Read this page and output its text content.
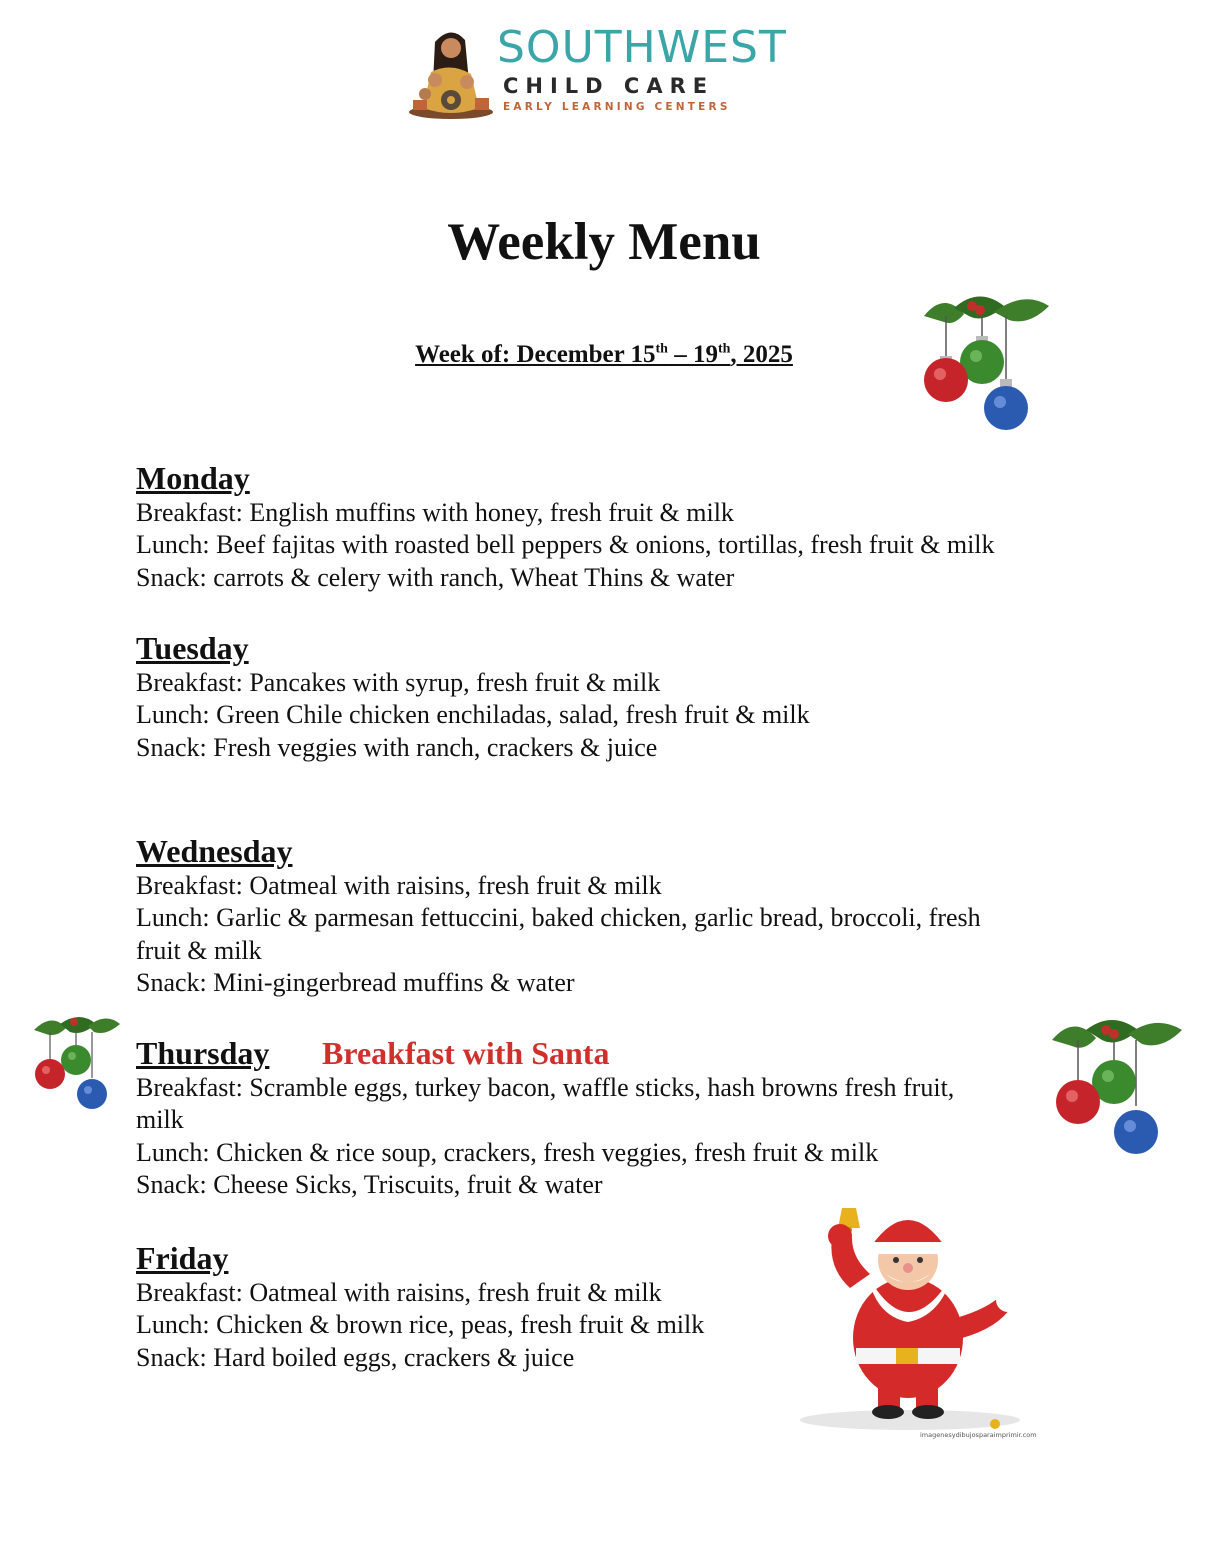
SOUTHWEST
CHILD CARE
EARLY LEARNING CENTERS
Weekly Menu
Week of: December 15th – 19th, 2025

Monday

Breakfast: English muffins with honey, fresh fruit & milk

Lunch: Beef fajitas with roasted bell peppers & onions, tortillas, fresh fruit & milk

Snack: carrots & celery with ranch, Wheat Thins & water

Tuesday

Breakfast: Pancakes with syrup, fresh fruit & milk

Lunch: Green Chile chicken enchiladas, salad, fresh fruit & milk

Snack: Fresh veggies with ranch, crackers & juice

Wednesday

Breakfast: Oatmeal with raisins, fresh fruit & milk

Lunch: Garlic & parmesan fettuccini, baked chicken, garlic bread, broccoli, fresh

fruit & milk

Snack: Mini-gingerbread muffins & water

Thursday

Breakfast: Scramble eggs, turkey bacon, waffle sticks, hash browns fresh fruit,

milk

Lunch: Chicken & rice soup, crackers, fresh veggies, fresh fruit & milk

Snack: Cheese Sicks, Triscuits, fruit & water

Breakfast with Santa

Friday

Breakfast: Oatmeal with raisins, fresh fruit & milk

Lunch: Chicken & brown rice, peas, fresh fruit & milk

Snack: Hard boiled eggs, crackers & juice

imagenesydibujosparaimprimir.com
